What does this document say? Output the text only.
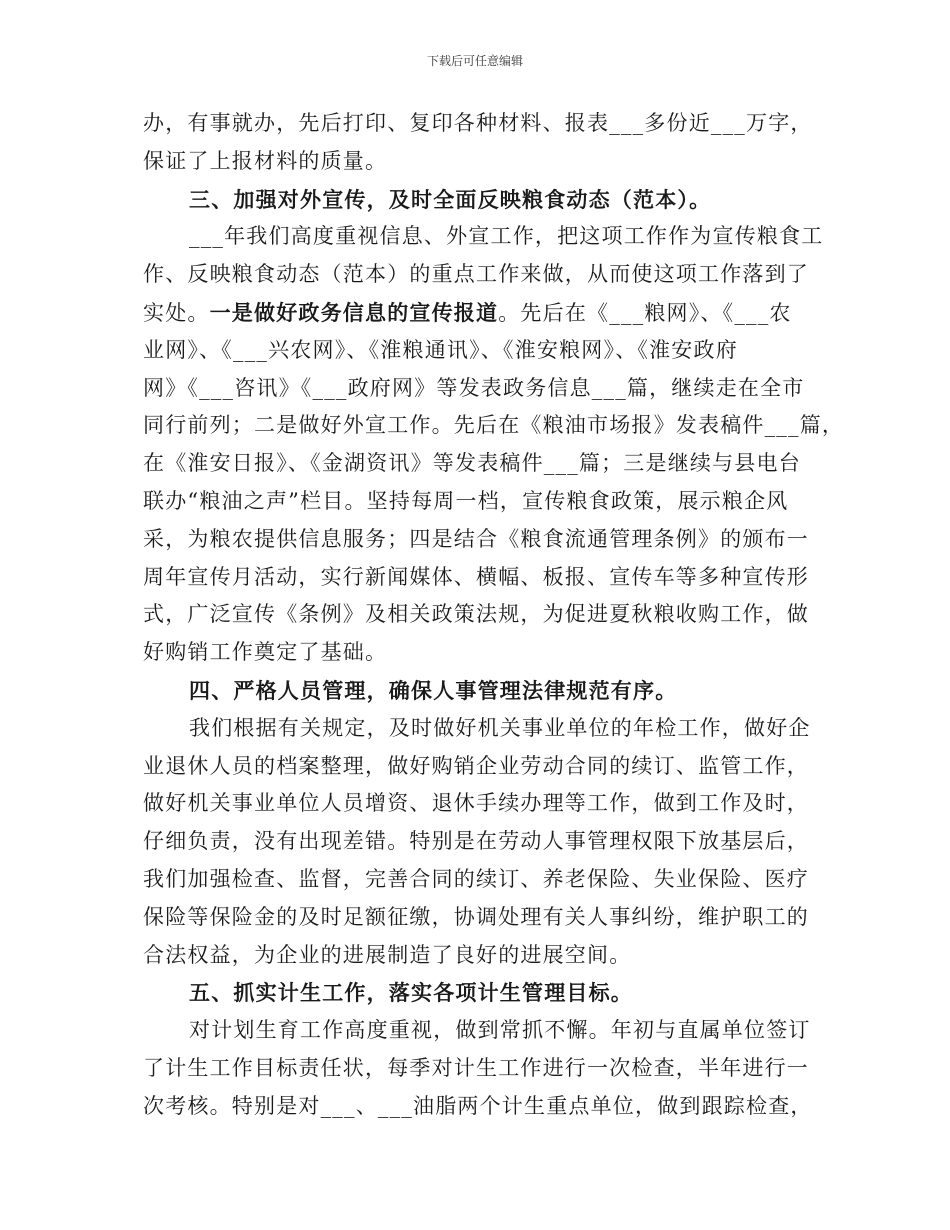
下载后可任意编辑
办，有事就办，先后打印、复印各种材料、报表___多份近___万字，
保证了上报材料的质量。
三、加强对外宣传，及时全面反映粮食动态（范本）。
___年我们高度重视信息、外宣工作，把这项工作作为宣传粮食工
作、反映粮食动态（范本）的重点工作来做，从而使这项工作落到了
实处。一是做好政务信息的宣传报道。先后在《___粮网》、《___农
业网》、《___兴农网》、《淮粮通讯》、《淮安粮网》、《淮安政府
网》《___咨讯》《___政府网》等发表政务信息___篇，继续走在全市
同行前列；二是做好外宣工作。先后在《粮油市场报》发表稿件___篇，
在《淮安日报》、《金湖资讯》等发表稿件___篇；三是继续与县电台
联办“粮油之声”栏目。坚持每周一档，宣传粮食政策，展示粮企风
采，为粮农提供信息服务；四是结合《粮食流通管理条例》的颁布一
周年宣传月活动，实行新闻媒体、横幅、板报、宣传车等多种宣传形
式，广泛宣传《条例》及相关政策法规，为促进夏秋粮收购工作，做
好购销工作奠定了基础。
四、严格人员管理，确保人事管理法律规范有序。
我们根据有关规定，及时做好机关事业单位的年检工作，做好企
业退休人员的档案整理，做好购销企业劳动合同的续订、监管工作，
做好机关事业单位人员增资、退休手续办理等工作，做到工作及时，
仔细负责，没有出现差错。特别是在劳动人事管理权限下放基层后，
我们加强检查、监督，完善合同的续订、养老保险、失业保险、医疗
保险等保险金的及时足额征缴，协调处理有关人事纠纷，维护职工的
合法权益，为企业的进展制造了良好的进展空间。
五、抓实计生工作，落实各项计生管理目标。
对计划生育工作高度重视，做到常抓不懈。年初与直属单位签订
了计生工作目标责任状，每季对计生工作进行一次检查，半年进行一
次考核。特别是对___、___油脂两个计生重点单位，做到跟踪检查，
